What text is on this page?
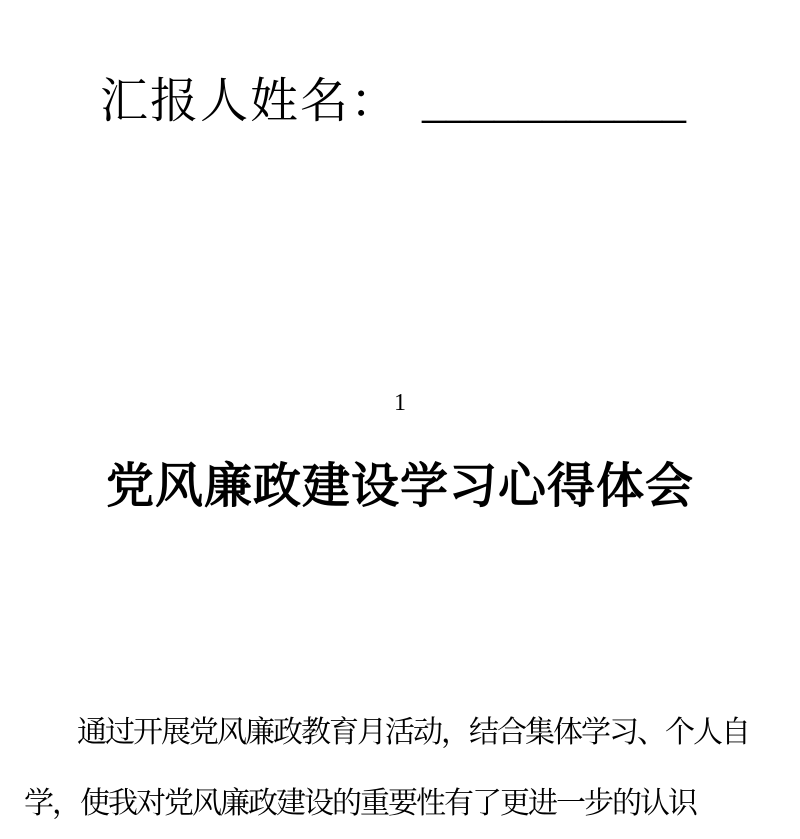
汇报人姓名： ___________
1
党风廉政建设学习心得体会
通过开展党风廉政教育月活动，结合集体学习、个人自
学，使我对党风廉政建设的重要性有了更进一步的认识
